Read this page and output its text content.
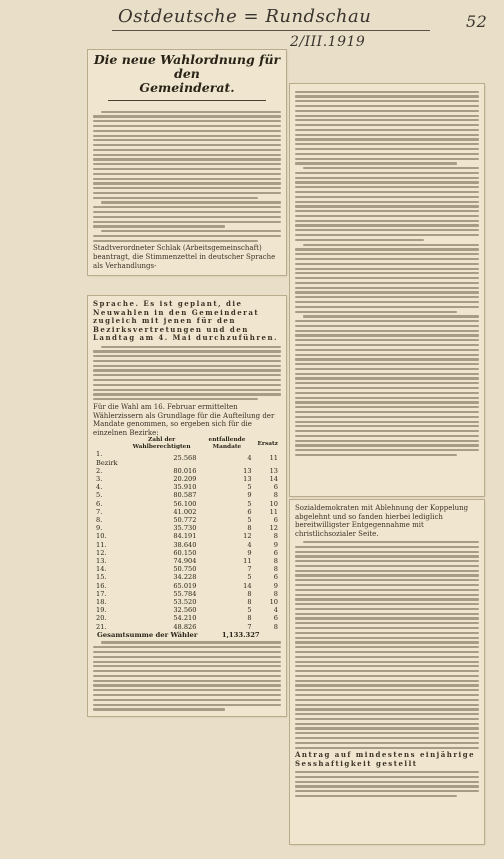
Ostdeutsche = Rundschau
2/III.1919
52
Die neue Wahlordnung für den
Gemeinderat.
Stadtverordneter Schlak (Arbeitsgemeinschaft) beantragt, die Stimmenzettel in deutscher Sprache als Verhandlungs-
Sprache. Es ist geplant, die Neuwahlen in den Gemeinderat zugleich mit jenen für den Bezirksvertretungen und den Landtag am 4. Mai durchzuführen.
Für die Wahl am 16. Februar ermittelten Wählerzissern als Grundlage für die Aufteilung der Mandate genommen, so ergeben sich für die einzelnen Bezirke:
	Zahl der Wahlberechtigten	entfallende Mandate	Ersatz
1. Bezirk	25.568	4	11
2.	80.016	13	13
3.	20.209	13	14
4.	35.910	5	6
5.	80.587	9	8
6.	56.100	5	10
7.	41.002	6	11
8.	50.772	5	6
9.	35.730	8	12
10.	84.191	12	8
11.	38.640	4	9
12.	60.150	9	6
13.	74.904	11	8
14.	50.750	7	8
15.	34.228	5	6
16.	65.019	14	9
17.	55.784	8	8
18.	53.520	8	10
19.	32.560	5	4
20.	54.210	8	6
21.	48.826	7	8
Gesamtsumme der Wähler	1,133.327
Sozialdemokraten mit Ablehnung der Koppelung abgelehnt und so fanden hierbei lediglich bereitwilligster Entgegennahme mit christlichsozialer Seite.
Antrag auf mindestens einjährige Sesshaftigkeit gestellt
